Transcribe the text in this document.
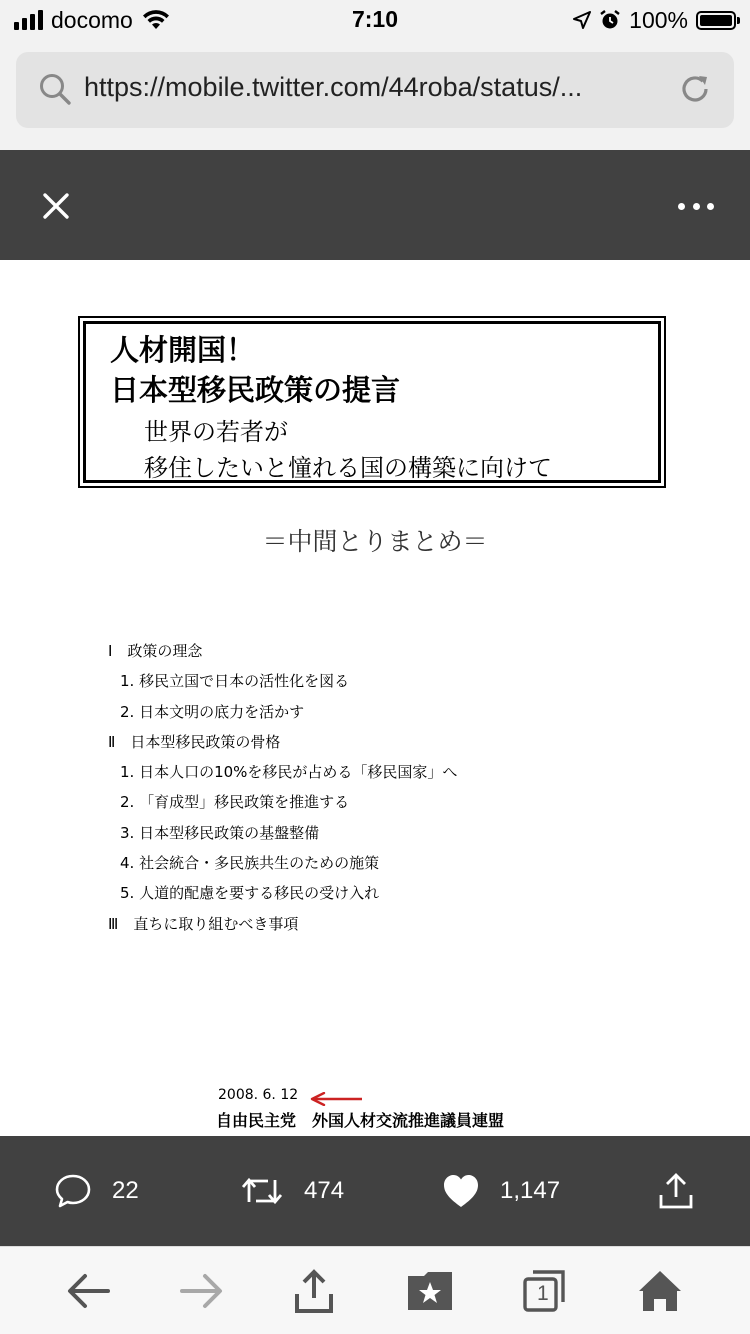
docomo	7:10	100%
https://mobile.twitter.com/44roba/status/...
人材開国！
日本型移民政策の提言
世界の若者が
移住したいと憧れる国の構築に向けて
＝中間とりまとめ＝
Ⅰ　政策の理念
1. 移民立国で日本の活性化を図る
2. 日本文明の底力を活かす
Ⅱ　日本型移民政策の骨格
1. 日本人口の10%を移民が占める「移民国家」へ
2. 「育成型」移民政策を推進する
3. 日本型移民政策の基盤整備
4. 社会統合・多民族共生のための施策
5. 人道的配慮を要する移民の受け入れ
Ⅲ　直ちに取り組むべき事項
2008. 6. 12
自由民主党　外国人材交流推進議員連盟
22	474	1,147
1
